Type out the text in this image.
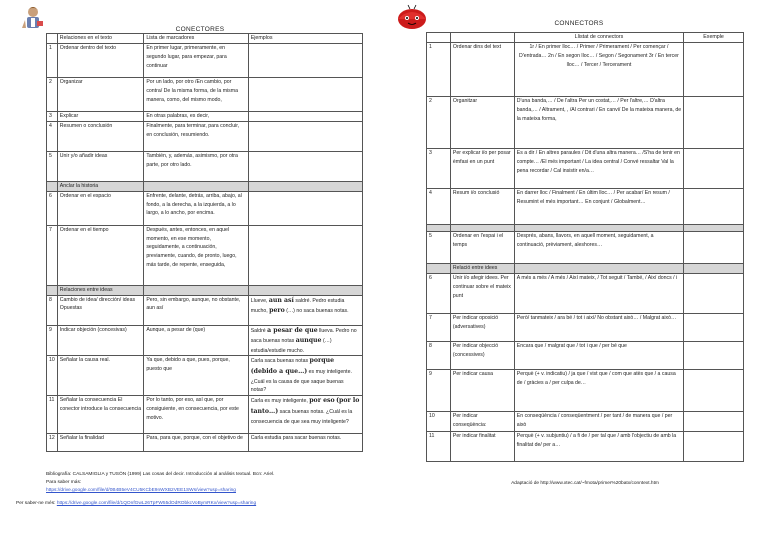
CONECTORES
	Relaciones en el texto	Lista de marcadores	Ejemplos
1	Ordenar dentro del texto	En primer lugar, primeramente, en segundo lugar, para empezar, para continuar	
2	Organizar	Por un lado, por otro /En cambio, por contra/ De la misma forma, de la misma manera, como, del mismo modo,	
3	Explicar	En otras palabras, es decir,	
4	Resumen o conclusión	Finalmente, para terminar, para concluir, en conclusión, resumiendo.	
5	Unir y/o añadir ideas	También, y, además, asimismo, por otra parte, por otro lado.	
	Anclar la historia		
6	Ordenar en el espacio	Enfrente, delante, detrás, arriba, abajo, al fondo, a la derecha, a la izquierda, a lo largo, a lo ancho, por encima.	
7	Ordenar en el tiempo	Después, antes, entonces, en aquel momento, en ese momento, seguidamente, a continuación, previamente, cuando, de pronto, luego, más tarde, de repente, enseguida,	
	Relaciones entre ideas		
8	Cambio de idea/ dirección/ ideas Opuestas	Pero, sin embargo, aunque, no obstante, aun así	Llueve, aun así saldré. Pedro estudia mucho, pero (…) no saca buenas notas.
9	Indicar objeción (concesivas)	Aunque, a pesar de (que)	Saldré a pesar de que llueva. Pedro no saca buenas notas aunque (…) estudia/estudie mucho.
10	Señalar la causa real.	Ya que, debido a que, pues, porque, puesto que	Carla saca buenas notas porque (debido a que…) es muy inteligente. ¿Cuál es la causa de que saque buenas notas?
11	Señalar la consecuencia El conector introduce la consecuencia	Por lo tanto, por eso, así que, por consiguiente, en consecuencia, por este motivo.	Carla es muy inteligente, por eso (por lo tanto…) saca buenas notas. ¿Cuál es la consecuencia de que sea muy inteligente?
12	Señalar la finalidad	Para, para que, porque, con el objetivo de	Carla estudia para sacar buenas notas.
Bibliografía: CALSAMIGLIA y TUSÓN (1999) Las cosas del decir. Introducción al análisis textual. Bcn: Ariel.
Para saber más:
https://drive.google.com/file/d/0B4B5eV4CU5KCbE9nWXB2VEE1SWs/view?usp=sharing
Per saber-ne més: https://drive.google.com/file/d/1QOnfGwL26TpFW55dOdRObkcVoBymRKx/view?usp=sharing
CONNECTORS
		Llistat de connectors	Exemple
1	Ordenar dins del text	1r / En primer lloc… / Primer / Primerament / Per començar / D'entrada… 2n / En segon lloc… / Segon / Segonament 3r / En tercer lloc… / Tercer / Tercerament	
2	Organitzar	D'una banda,… / De l'altra Per un costat,… / Per l'altre,… D'altra banda,… / Altrament, , /Al contrari / En canvi/ De la mateixa manera, de la mateixa forma,	
3	Per explicar i/o per posar èmfasi en un punt	Es a dir / En altres paraules / Dit d'una altra manera… /S'ha de tenir en compte… /El més important / La idea central / Convé ressaltar Val la pena recordar / Cal insistir en/a…	
4	Resum i/o conclusió	En darrer lloc / Finalment / En últim lloc… / Per acabar/ En resum / Resumint el més important… En conjunt / Globalment…	

5	Ordenar en l'espai i el temps	Després, abans, llavors, en aquell moment, seguidament, a continuació, prèviament, aleshores…	
	Relació entre idees		
6	Unir i/o afegir idees. Per continuar sobre el mateix punt	A més a més / A més / Així mateix, / Tot seguit / També, / Així doncs / i	
7	Per indicar oposició (adversatives)	Però/ tanmateix / ara bé / tot i així/ No obstant això… / Malgrat això…	
8	Per indicar objecció (concessives)	Encara que / malgrat que / tot i que / per bé que	
9	Per indicar causa	Perquè (+ v. indicatiu) / ja que / vist que / com que atès que / a causa de / gràcies a / per culpa de…	
10	Per indicar conseqüència:	En conseqüència / conseqüentment / per tant / de manera que / per això	
11	Per indicar finalitat	Perquè (+ v. subjuntiu) / a fi de / per tal que / amb l'objectiu de amb la finalitat de/ per a…	
Adaptació de http://www.xtec.cat/~fmota/primer%20batx/conntext.htm
